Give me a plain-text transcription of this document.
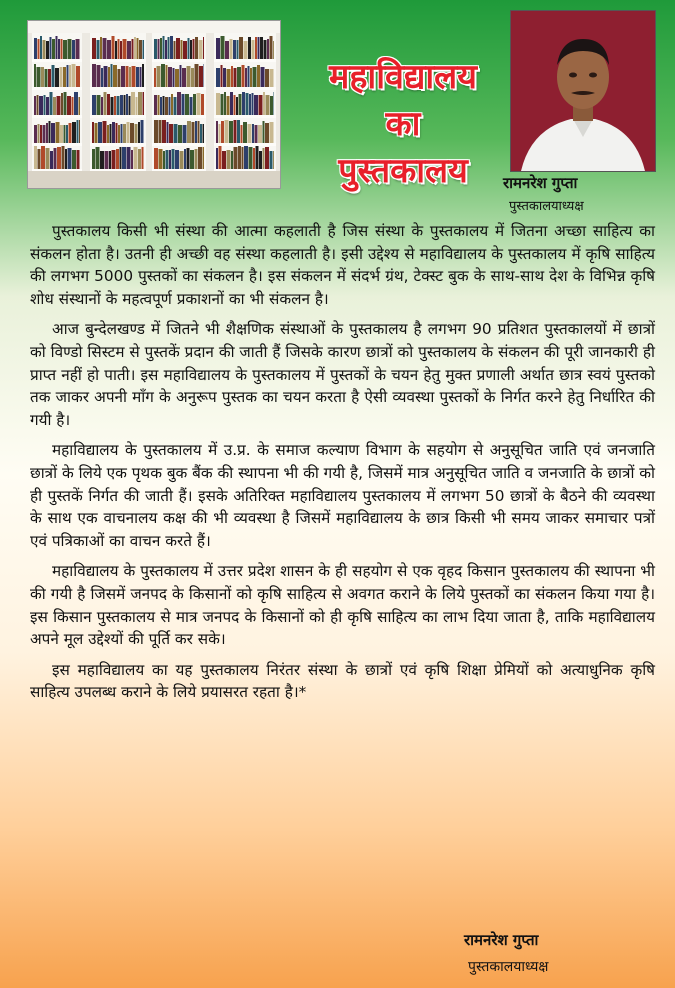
महाविद्यालय
का
पुस्तकालय	रामनरेश गुप्ता
पुस्तकालयाध्यक्ष

पुस्तकालय किसी भी संस्था की आत्मा कहलाती है जिस संस्था के पुस्तकालय में जितना अच्छा साहित्य का संकलन होता है। उतनी ही अच्छी वह संस्था कहलाती है। इसी उद्देश्य से महाविद्यालय के पुस्तकालय में कृषि साहित्य की लगभग 5000 पुस्तकों का संकलन है। इस संकलन में संदर्भ ग्रंथ, टेक्स्ट बुक के साथ-साथ देश के विभिन्न कृषि शोध संस्थानों के महत्वपूर्ण प्रकाशनों का भी संकलन है।

आज बुन्देलखण्ड में जितने भी शैक्षणिक संस्थाओं के पुस्तकालय है लगभग 90 प्रतिशत पुस्तकालयों में छात्रों को विण्डो सिस्टम से पुस्तकें प्रदान की जाती हैं जिसके कारण छात्रों को पुस्तकालय के संकलन की पूरी जानकारी ही प्राप्त नहीं हो पाती। इस महाविद्यालय के पुस्तकालय में पुस्तकों के चयन हेतु मुक्त प्रणाली अर्थात छात्र स्वयं पुस्तको तक जाकर अपनी माँग के अनुरूप पुस्तक का चयन करता है ऐसी व्यवस्था पुस्तकों के निर्गत करने हेतु निर्धारित की गयी है।

महाविद्यालय के पुस्तकालय में उ.प्र. के समाज कल्याण विभाग के सहयोग से अनुसूचित जाति एवं जनजाति छात्रों के लिये एक पृथक बुक बैंक की स्थापना भी की गयी है, जिसमें मात्र अनुसूचित जाति व जनजाति के छात्रों को ही पुस्तकें निर्गत की जाती हैं। इसके अतिरिक्त महाविद्यालय पुस्तकालय में लगभग 50 छात्रों के बैठने की व्यवस्था के साथ एक वाचनालय कक्ष की भी व्यवस्था है जिसमें महाविद्यालय के छात्र किसी भी समय जाकर समाचार पत्रों एवं पत्रिकाओं का वाचन करते हैं।

महाविद्यालय के पुस्तकालय में उत्तर प्रदेश शासन के ही सहयोग से एक वृहद किसान पुस्तकालय की स्थापना भी की गयी है जिसमें जनपद के किसानों को कृषि साहित्य से अवगत कराने के लिये पुस्तकों का संकलन किया गया है। इस किसान पुस्तकालय से मात्र जनपद के किसानों को ही कृषि साहित्य का लाभ दिया जाता है, ताकि महाविद्यालय अपने मूल उद्देश्यों की पूर्ति कर सके।

इस महाविद्यालय का यह पुस्तकालय निरंतर संस्था के छात्रों एवं कृषि शिक्षा प्रेमियों को अत्याधुनिक कृषि साहित्य उपलब्ध कराने के लिये प्रयासरत रहता है।*

रामनरेश गुप्ता
पुस्तकालयाध्यक्ष
